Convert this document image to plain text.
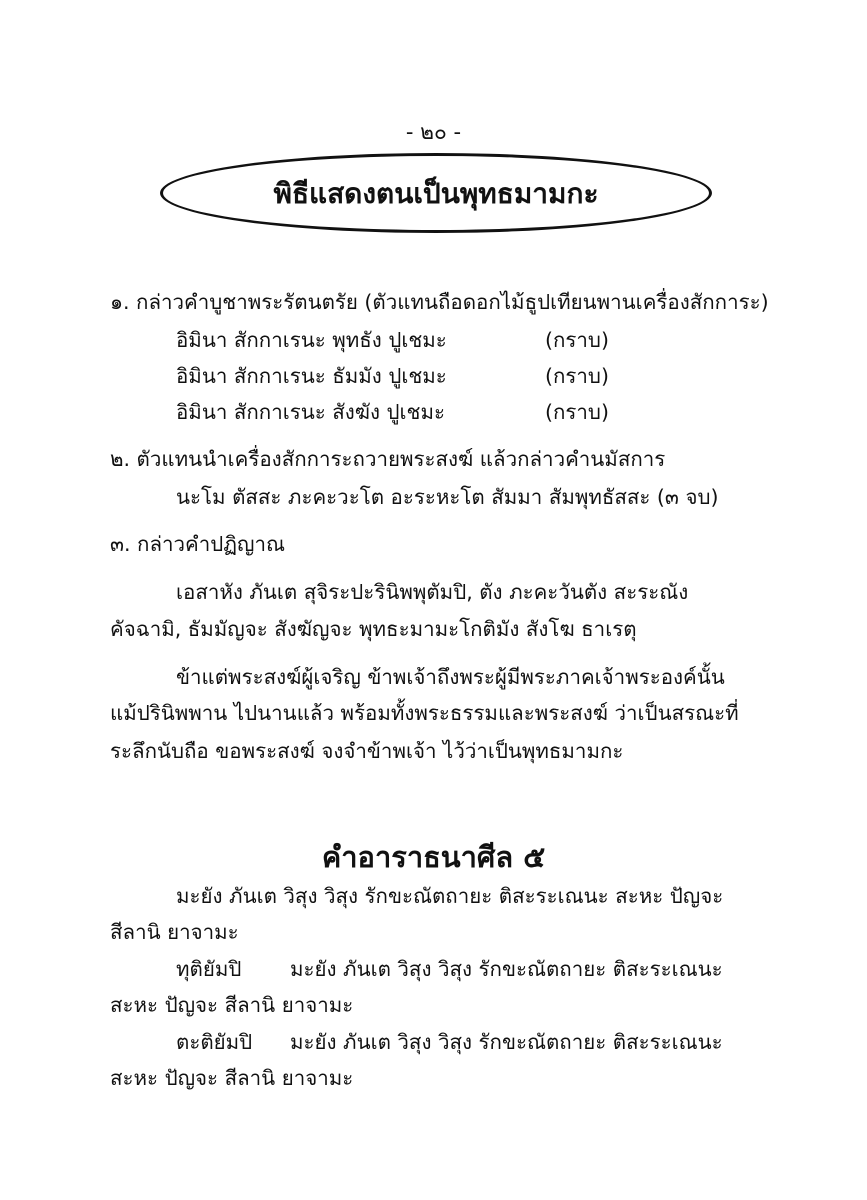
- ๒๐ -
พิธีแสดงตนเป็นพุทธมามกะ
๑. กล่าวคำบูชาพระรัตนตรัย (ตัวแทนถือดอกไม้ธูปเทียนพานเครื่องสักการะ)
อิมินา สักกาเรนะ พุทธัง ปูเชมะ	(กราบ)
อิมินา สักกาเรนะ ธัมมัง ปูเชมะ	(กราบ)
อิมินา สักกาเรนะ สังฆัง ปูเชมะ	(กราบ)
๒. ตัวแทนนำเครื่องสักการะถวายพระสงฆ์ แล้วกล่าวคำนมัสการ
นะโม ตัสสะ ภะคะวะโต อะระหะโต สัมมา สัมพุทธัสสะ (๓ จบ)
๓. กล่าวคำปฏิญาณ
เอสาหัง ภันเต สุจิระปะรินิพพุตัมปิ, ตัง ภะคะวันตัง สะระณัง
คัจฉามิ, ธัมมัญจะ สังฆัญจะ พุทธะมามะโกติมัง สังโฆ ธาเรตุ
ข้าแต่พระสงฆ์ผู้เจริญ ข้าพเจ้าถึงพระผู้มีพระภาคเจ้าพระองค์นั้น
แม้ปรินิพพาน ไปนานแล้ว พร้อมทั้งพระธรรมและพระสงฆ์ ว่าเป็นสรณะที่
ระลึกนับถือ ขอพระสงฆ์ จงจำข้าพเจ้า ไว้ว่าเป็นพุทธมามกะ
คำอาราธนาศีล ๕
มะยัง ภันเต วิสุง วิสุง รักขะณัตถายะ ติสะระเณนะ สะหะ ปัญจะ
สีลานิ ยาจามะ
ทุติยัมปิ มะยัง ภันเต วิสุง วิสุง รักขะณัตถายะ ติสะระเณนะ
สะหะ ปัญจะ สีลานิ ยาจามะ
ตะติยัมปิ มะยัง ภันเต วิสุง วิสุง รักขะณัตถายะ ติสะระเณนะ
สะหะ ปัญจะ สีลานิ ยาจามะ
